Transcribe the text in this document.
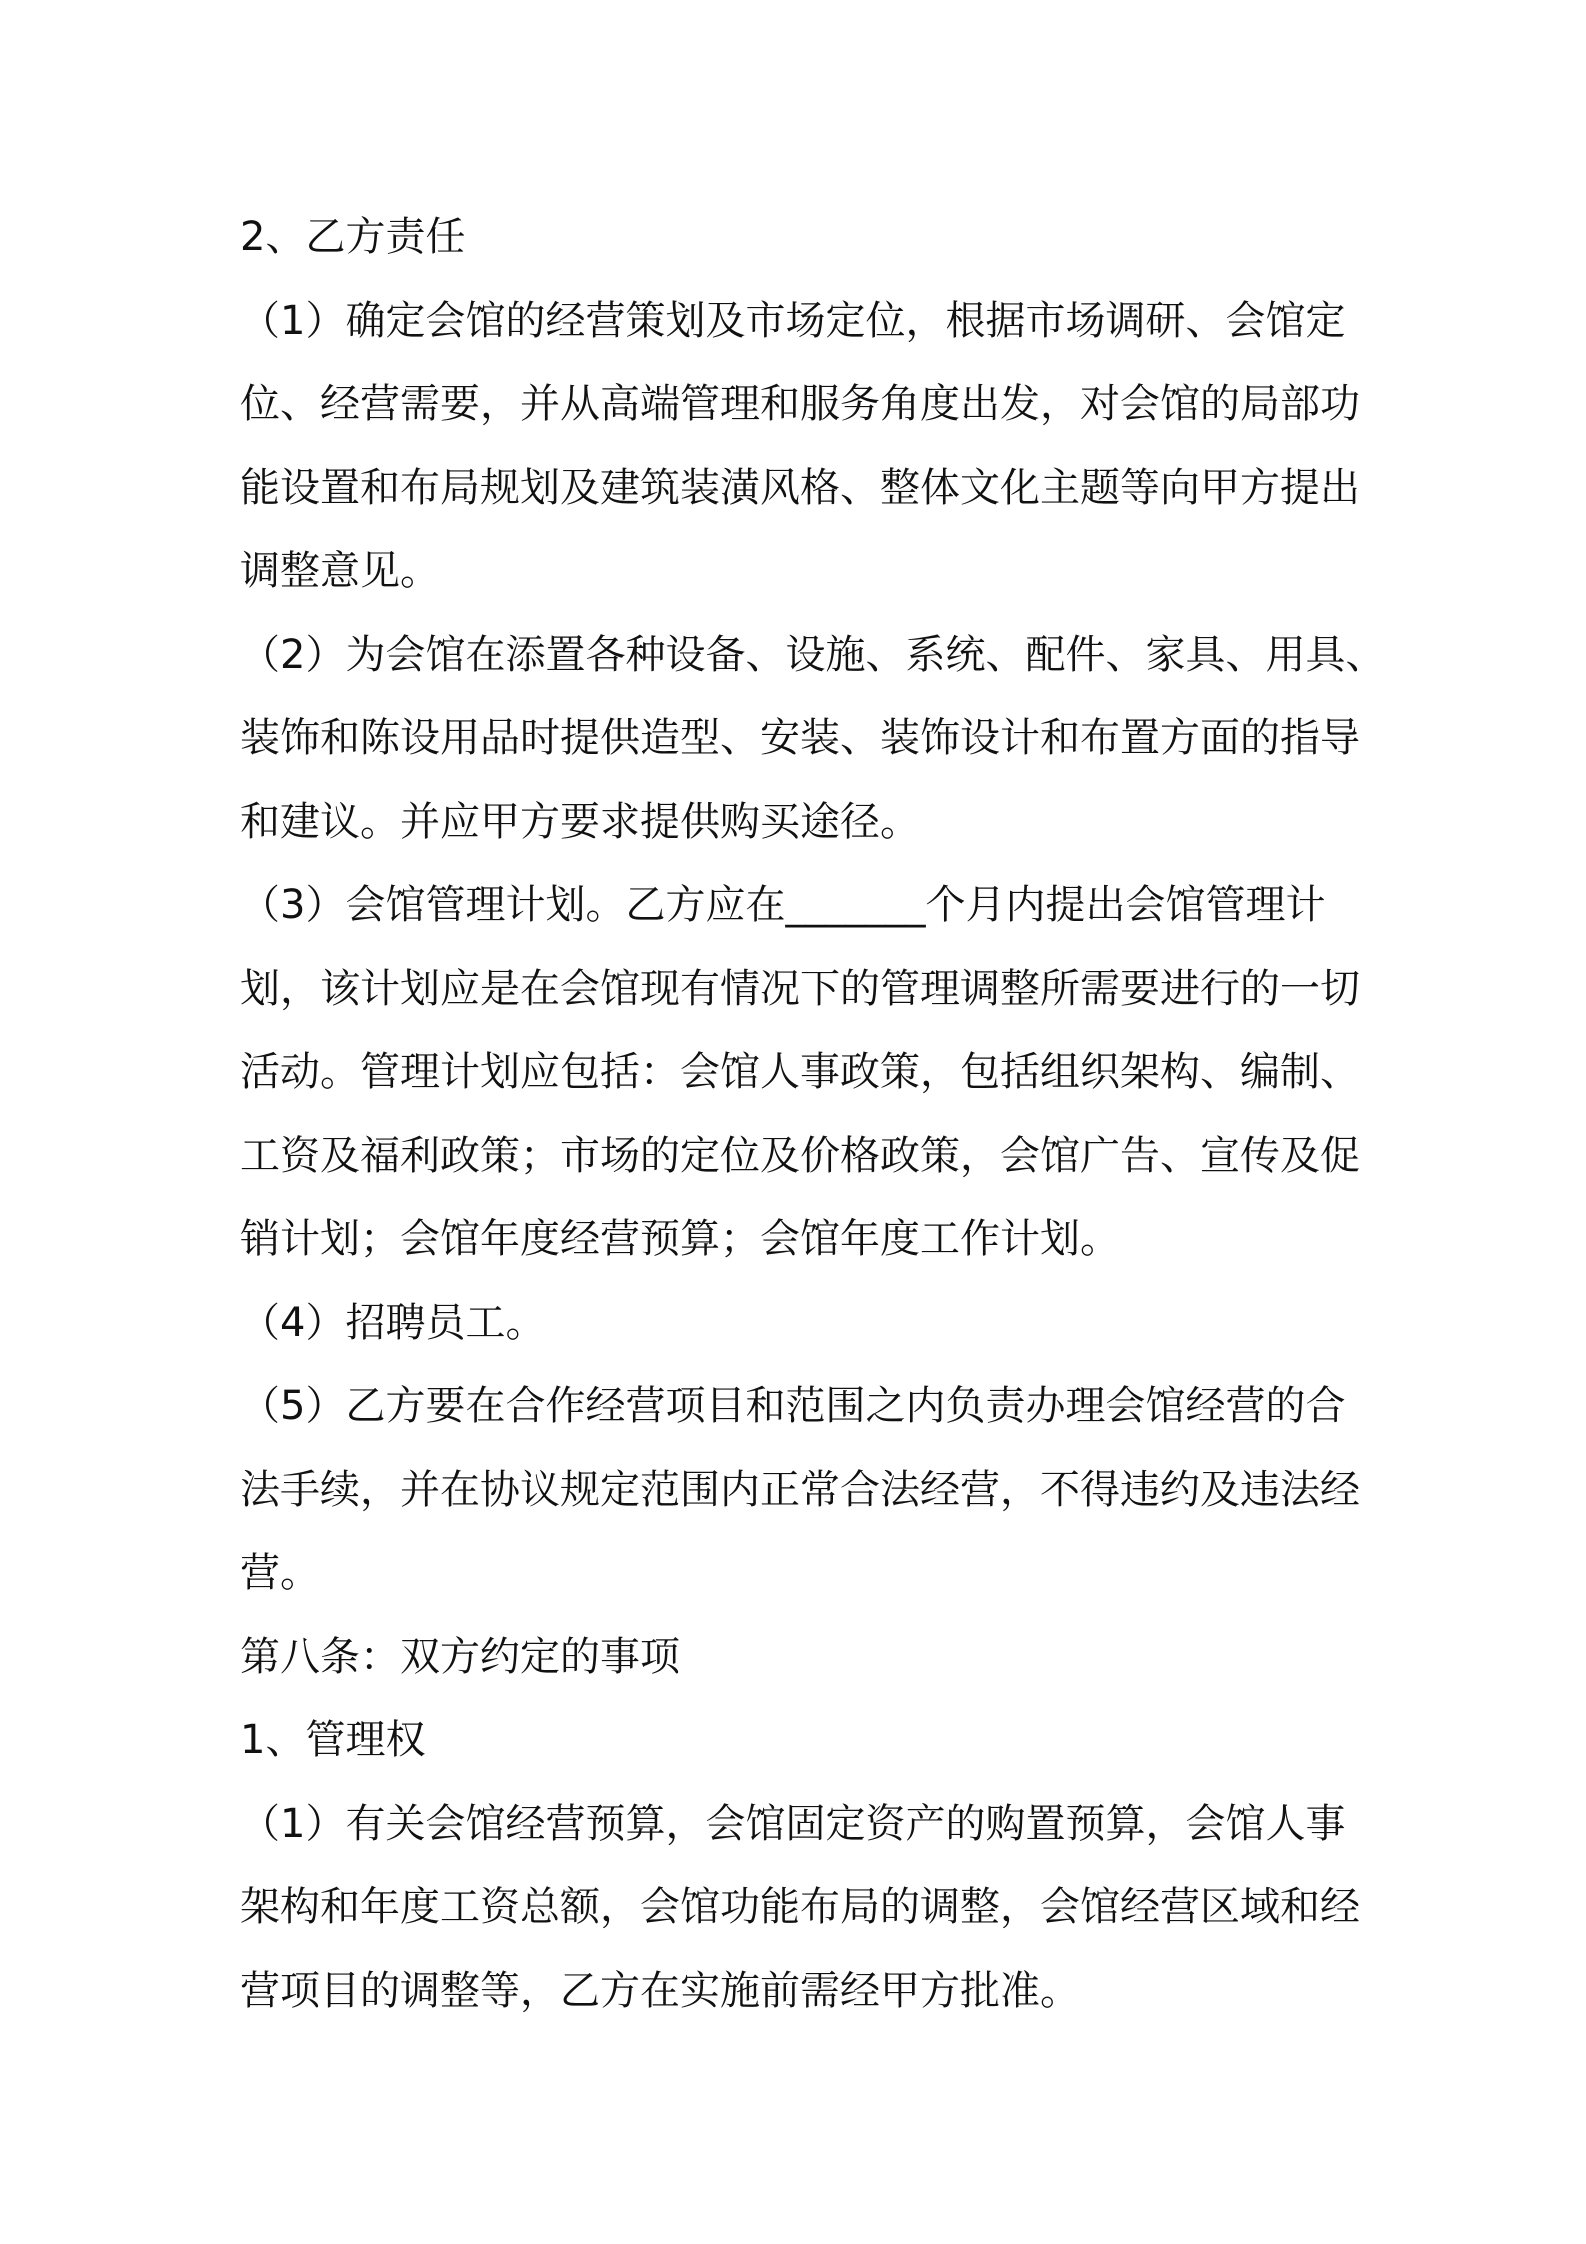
2、乙方责任
（1）确定会馆的经营策划及市场定位，根据市场调研、会馆定
位、经营需要，并从高端管理和服务角度出发，对会馆的局部功
能设置和布局规划及建筑装潢风格、整体文化主题等向甲方提出
调整意见。
（2）为会馆在添置各种设备、设施、系统、配件、家具、用具、
装饰和陈设用品时提供造型、安装、装饰设计和布置方面的指导
和建议。并应甲方要求提供购买途径。
（3）会馆管理计划。乙方应在_______个月内提出会馆管理计
划，该计划应是在会馆现有情况下的管理调整所需要进行的一切
活动。管理计划应包括：会馆人事政策，包括组织架构、编制、
工资及福利政策；市场的定位及价格政策，会馆广告、宣传及促
销计划；会馆年度经营预算；会馆年度工作计划。
（4）招聘员工。
（5）乙方要在合作经营项目和范围之内负责办理会馆经营的合
法手续，并在协议规定范围内正常合法经营，不得违约及违法经
营。
第八条：双方约定的事项
1、管理权
（1）有关会馆经营预算，会馆固定资产的购置预算，会馆人事
架构和年度工资总额，会馆功能布局的调整，会馆经营区域和经
营项目的调整等，乙方在实施前需经甲方批准。
